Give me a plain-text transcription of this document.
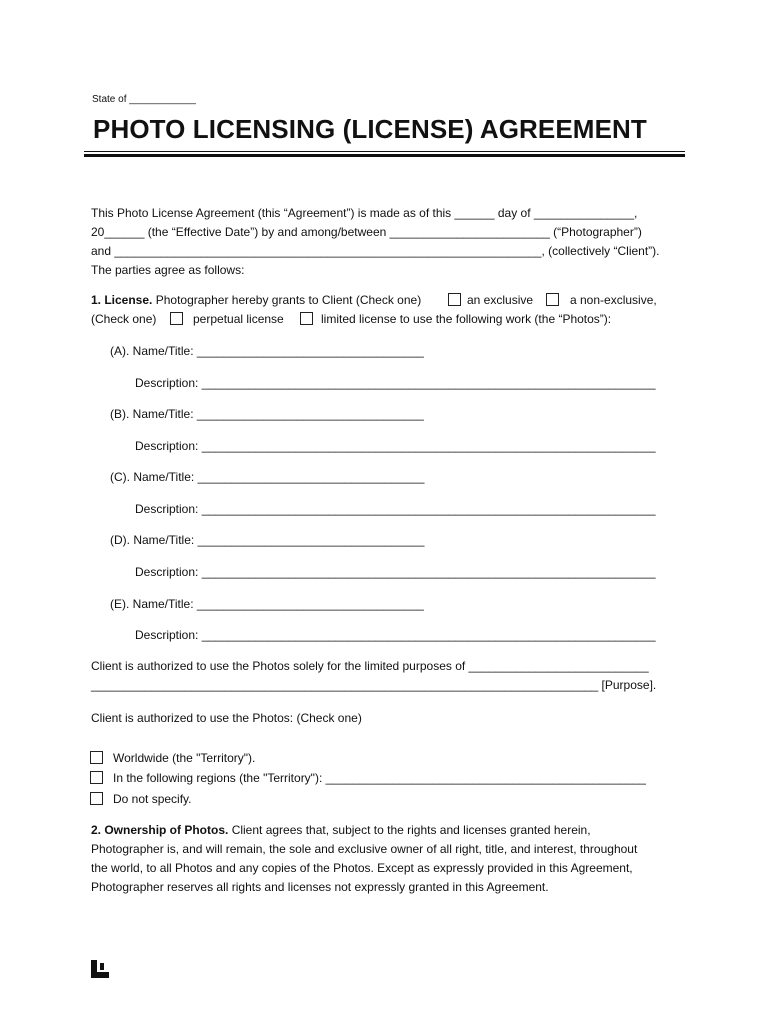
State of ____________
PHOTO LICENSING (LICENSE) AGREEMENT
This Photo License Agreement (this “Agreement”) is made as of this ______ day of _______________,
20______ (the “Effective Date”) by and among/between ________________________ (“Photographer”)
and ________________________________________________________________, (collectively “Client”).
The parties agree as follows:
1. License. Photographer hereby grants to Client (Check one)	an exclusive	a non-exclusive,
(Check one)	perpetual license	limited license to use the following work (the “Photos”):
(A). Name/Title: __________________________________
Description: ____________________________________________________________________
(B). Name/Title: __________________________________
Description: ____________________________________________________________________
(C). Name/Title: __________________________________
Description: ____________________________________________________________________
(D). Name/Title: __________________________________
Description: ____________________________________________________________________
(E). Name/Title: __________________________________
Description: ____________________________________________________________________
Client is authorized to use the Photos solely for the limited purposes of ___________________________
____________________________________________________________________________ [Purpose].
Client is authorized to use the Photos: (Check one)
Worldwide (the "Territory").
In the following regions (the "Territory"): ________________________________________________
Do not specify.
2. Ownership of Photos. Client agrees that, subject to the rights and licenses granted herein,
Photographer is, and will remain, the sole and exclusive owner of all right, title, and interest, throughout
the world, to all Photos and any copies of the Photos. Except as expressly provided in this Agreement,
Photographer reserves all rights and licenses not expressly granted in this Agreement.
